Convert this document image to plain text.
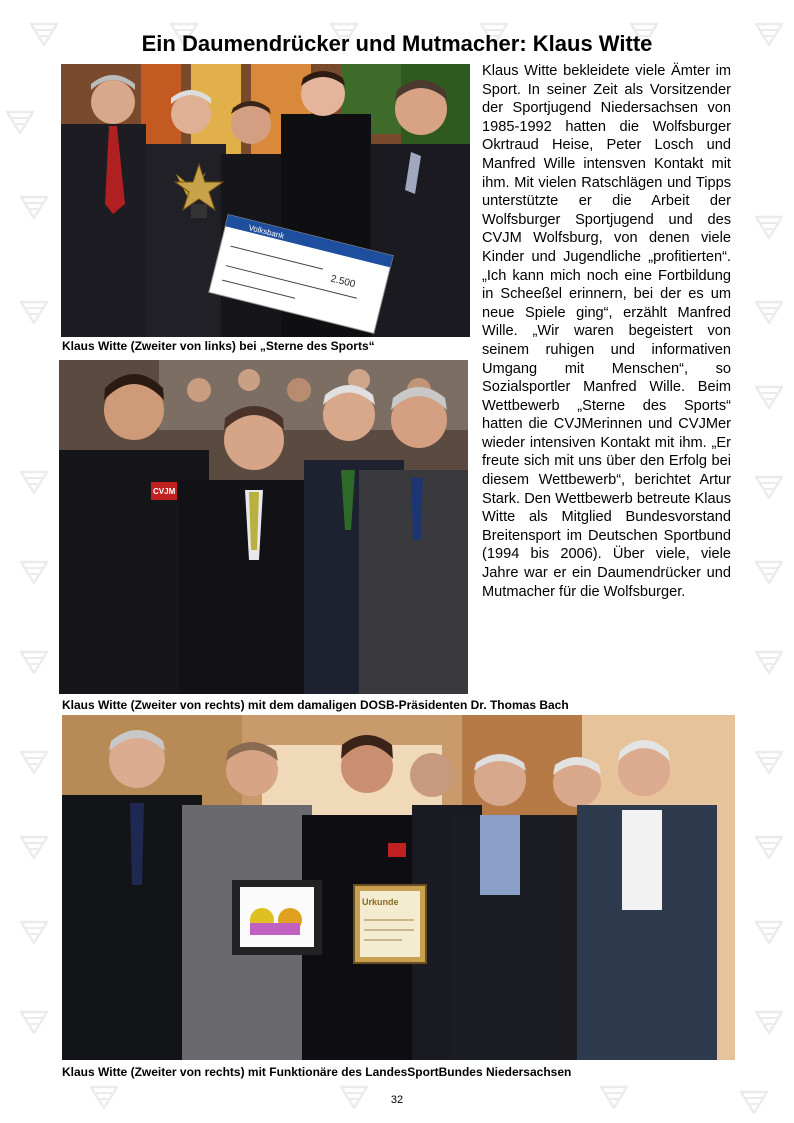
Ein Daumendrücker und Mutmacher: Klaus Witte
Volksbank
2.500
Klaus Witte (Zweiter von links) bei „Sterne des Sports“
CVJM
Klaus Witte (Zweiter von rechts) mit dem damaligen DOSB-Präsidenten Dr. Thomas Bach
Urkunde
Klaus Witte (Zweiter von rechts) mit Funktionäre des LandesSportBundes Niedersachsen

Klaus Witte bekleidete viele Ämter im Sport. In seiner Zeit als Vorsitzender der Sportjugend Niedersachsen von 1985-1992 hatten die Wolfsburger Okrtraud Heise, Peter Losch und Manfred Wille intensven Kontakt mit ihm. Mit vielen Ratschlägen und Tipps unterstützte er die Arbeit der Wolfsburger Sportjugend und des CVJM Wolfsburg, von denen viele Kinder und Jugendliche „profitierten“. „Ich kann mich noch eine Fortbildung in Scheeßel erinnern, bei der es um neue Spiele ging“, erzählt Manfred Wille. „Wir waren begeistert von seinem ruhigen und informativen Umgang mit Menschen“, so Sozialsportler Manfred Wille. Beim Wettbewerb „Sterne des Sports“ hatten die CVJMerinnen und CVJMer wieder intensiven Kontakt mit ihm. „Er freute sich mit uns über den Erfolg bei diesem Wettbewerb“, berichtet Artur Stark. Den Wettbewerb betreute Klaus Witte als Mitglied Bundesvorstand Breitensport im Deutschen Sportbund (1994 bis 2006). Über viele, viele Jahre war er ein Daumendrücker und Mutmacher für die Wolfsburger.

32
